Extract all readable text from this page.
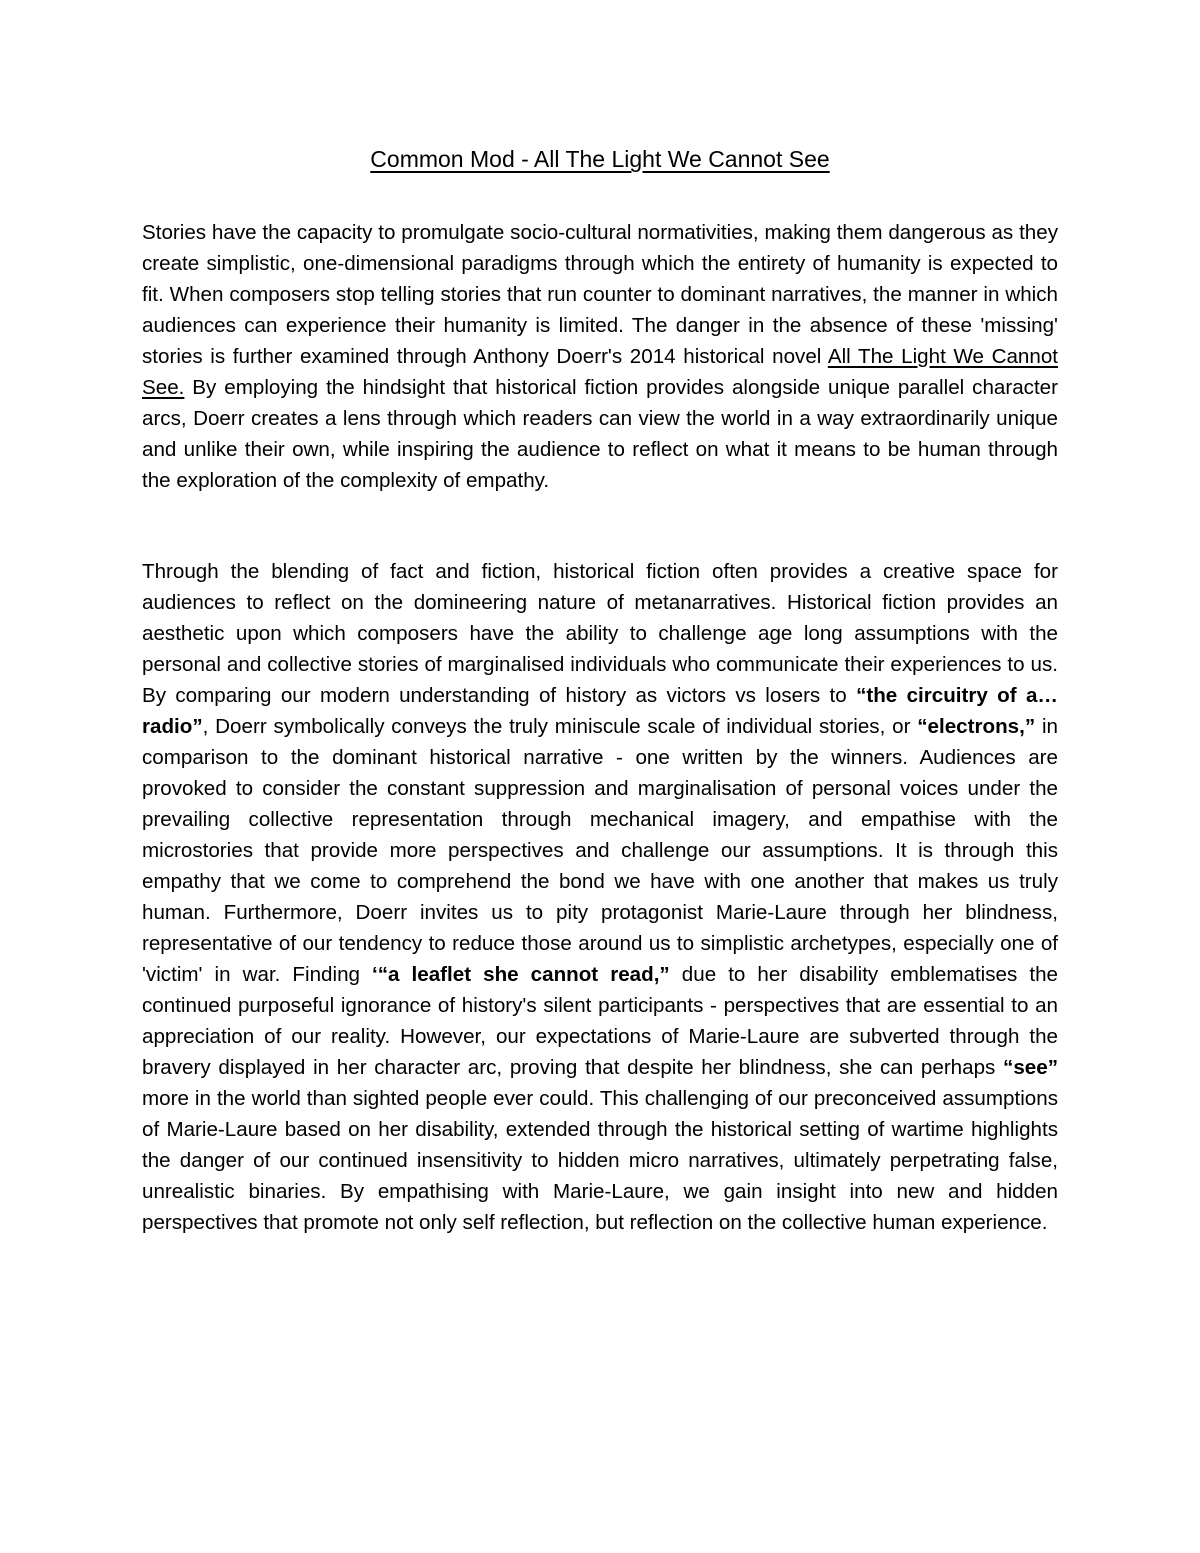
Common Mod - All The Light We Cannot See

Stories have the capacity to promulgate socio-cultural normativities, making them dangerous as they create simplistic, one-dimensional paradigms through which the entirety of humanity is expected to fit. When composers stop telling stories that run counter to dominant narratives, the manner in which audiences can experience their humanity is limited. The danger in the absence of these 'missing' stories is further examined through Anthony Doerr's 2014 historical novel All The Light We Cannot See. By employing the hindsight that historical fiction provides alongside unique parallel character arcs, Doerr creates a lens through which readers can view the world in a way extraordinarily unique and unlike their own, while inspiring the audience to reflect on what it means to be human through the exploration of the complexity of empathy.

Through the blending of fact and fiction, historical fiction often provides a creative space for audiences to reflect on the domineering nature of metanarratives. Historical fiction provides an aesthetic upon which composers have the ability to challenge age long assumptions with the personal and collective stories of marginalised individuals who communicate their experiences to us. By comparing our modern understanding of history as victors vs losers to “the circuitry of a… radio”, Doerr symbolically conveys the truly miniscule scale of individual stories, or “electrons,” in comparison to the dominant historical narrative - one written by the winners. Audiences are provoked to consider the constant suppression and marginalisation of personal voices under the prevailing collective representation through mechanical imagery, and empathise with the microstories that provide more perspectives and challenge our assumptions. It is through this empathy that we come to comprehend the bond we have with one another that makes us truly human. Furthermore, Doerr invites us to pity protagonist Marie-Laure through her blindness, representative of our tendency to reduce those around us to simplistic archetypes, especially one of 'victim' in war. Finding ‘“a leaflet she cannot read,” due to her disability emblematises the continued purposeful ignorance of history's silent participants - perspectives that are essential to an appreciation of our reality. However, our expectations of Marie-Laure are subverted through the bravery displayed in her character arc, proving that despite her blindness, she can perhaps “see” more in the world than sighted people ever could. This challenging of our preconceived assumptions of Marie-Laure based on her disability, extended through the historical setting of wartime highlights the danger of our continued insensitivity to hidden micro narratives, ultimately perpetrating false, unrealistic binaries. By empathising with Marie-Laure, we gain insight into new and hidden perspectives that promote not only self reflection, but reflection on the collective human experience.
